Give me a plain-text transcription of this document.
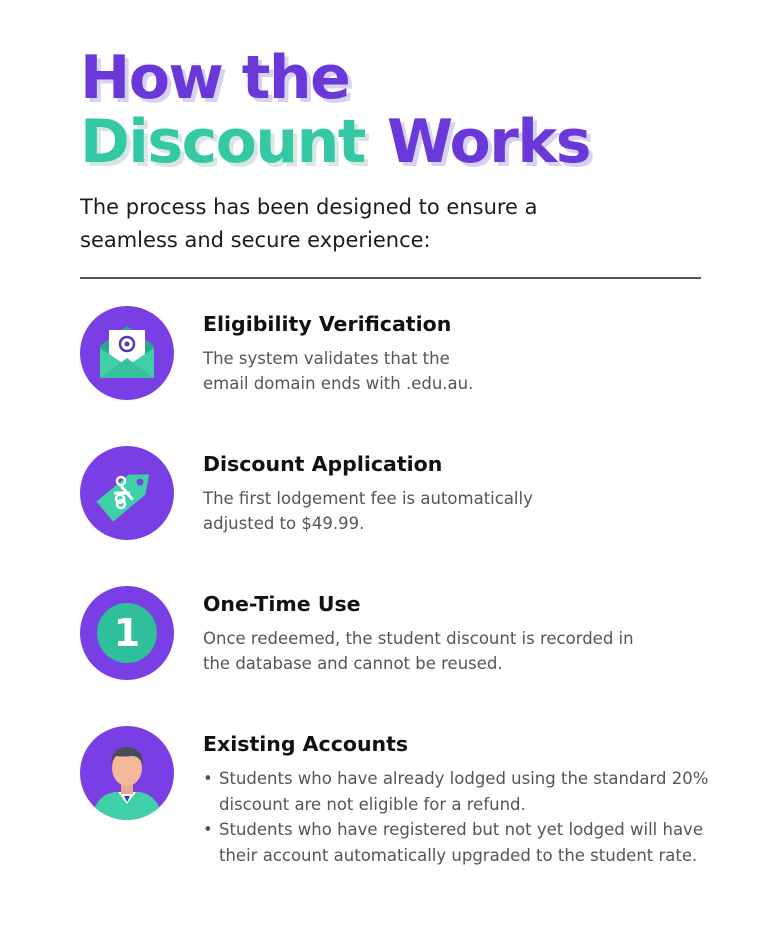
How the
Discount Works

The process has been designed to ensure a seamless and secure experience:

Eligibility Verification

The system validates that the email domain ends with .edu.au.

Discount Application

The first lodgement fee is automatically adjusted to $49.99.

1
One-Time Use

Once redeemed, the student discount is recorded in the database and cannot be reused.

Existing Accounts
• Students who have already lodged using the standard 20% discount are not eligible for a refund.
• Students who have registered but not yet lodged will have their account automatically upgraded to the student rate.
